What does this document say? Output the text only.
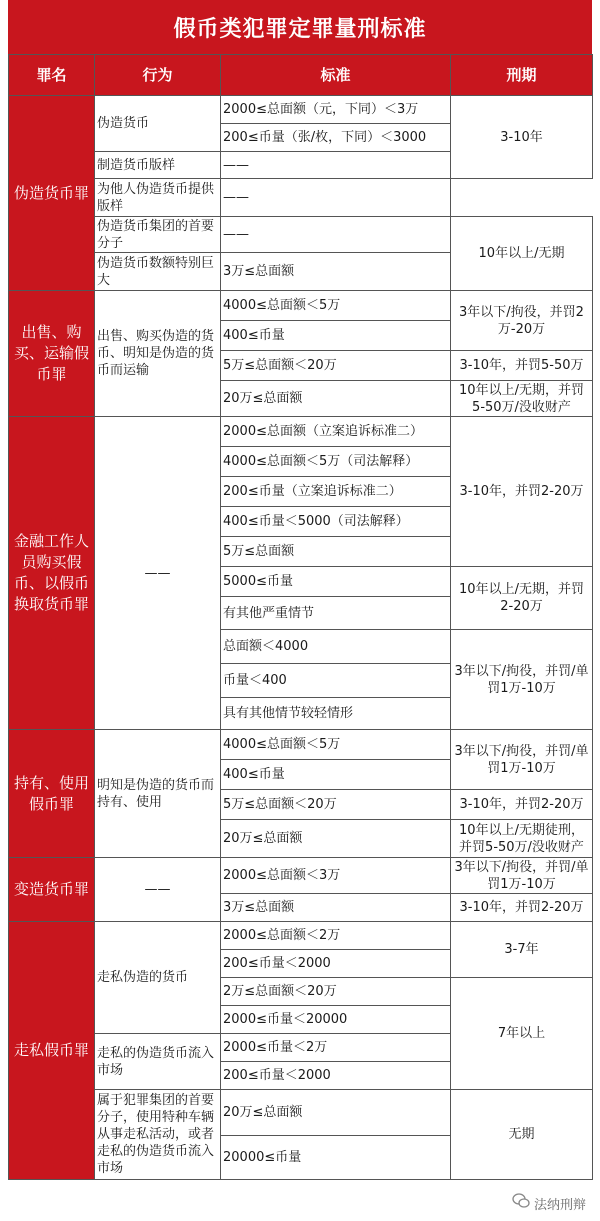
假币类犯罪定罪量刑标准
罪名	行为	标准	刑期
伪造货币罪	伪造货币	2000≤总面额（元，下同）＜3万	3-10年
		200≤币量（张/枚，下同）＜3000	
	制造货币版样	——	
	为他人伪造货币提供版样	——	
	伪造货币集团的首要分子	——	10年以上/无期
	伪造货币数额特别巨大	3万≤总面额	
出售、购买、运输假币罪	出售、购买伪造的货币、明知是伪造的货币而运输	4000≤总面额＜5万	3年以下/拘役，并罚2万-20万
		400≤币量	
		5万≤总面额＜20万	3-10年，并罚5-50万
		20万≤总面额	10年以上/无期，并罚5-50万/没收财产
金融工作人员购买假币、以假币换取货币罪	——	2000≤总面额（立案追诉标准二）	3-10年，并罚2-20万
		4000≤总面额＜5万（司法解释）	
		200≤币量（立案追诉标准二）	
		400≤币量＜5000（司法解释）	
		5万≤总面额	
		5000≤币量	10年以上/无期，并罚2-20万
		有其他严重情节	
		总面额＜4000	3年以下/拘役，并罚/单罚1万-10万
		币量＜400	
		具有其他情节较轻情形	
持有、使用假币罪	明知是伪造的货币而持有、使用	4000≤总面额＜5万	3年以下/拘役，并罚/单罚1万-10万
		400≤币量	
		5万≤总面额＜20万	3-10年，并罚2-20万
		20万≤总面额	10年以上/无期徒刑，并罚5-50万/没收财产
变造货币罪	——	2000≤总面额＜3万	3年以下/拘役，并罚/单罚1万-10万
		3万≤总面额	3-10年，并罚2-20万
走私假币罪	走私伪造的货币	2000≤总面额＜2万	3-7年
		200≤币量＜2000	
		2万≤总面额＜20万	7年以上
		2000≤币量＜20000	
	走私的伪造货币流入市场	2000≤币量＜2万	
		200≤币量＜2000	
	属于犯罪集团的首要分子，使用特种车辆从事走私活动，或者走私的伪造货币流入市场	20万≤总面额	无期
		20000≤币量	
法纳刑辩
